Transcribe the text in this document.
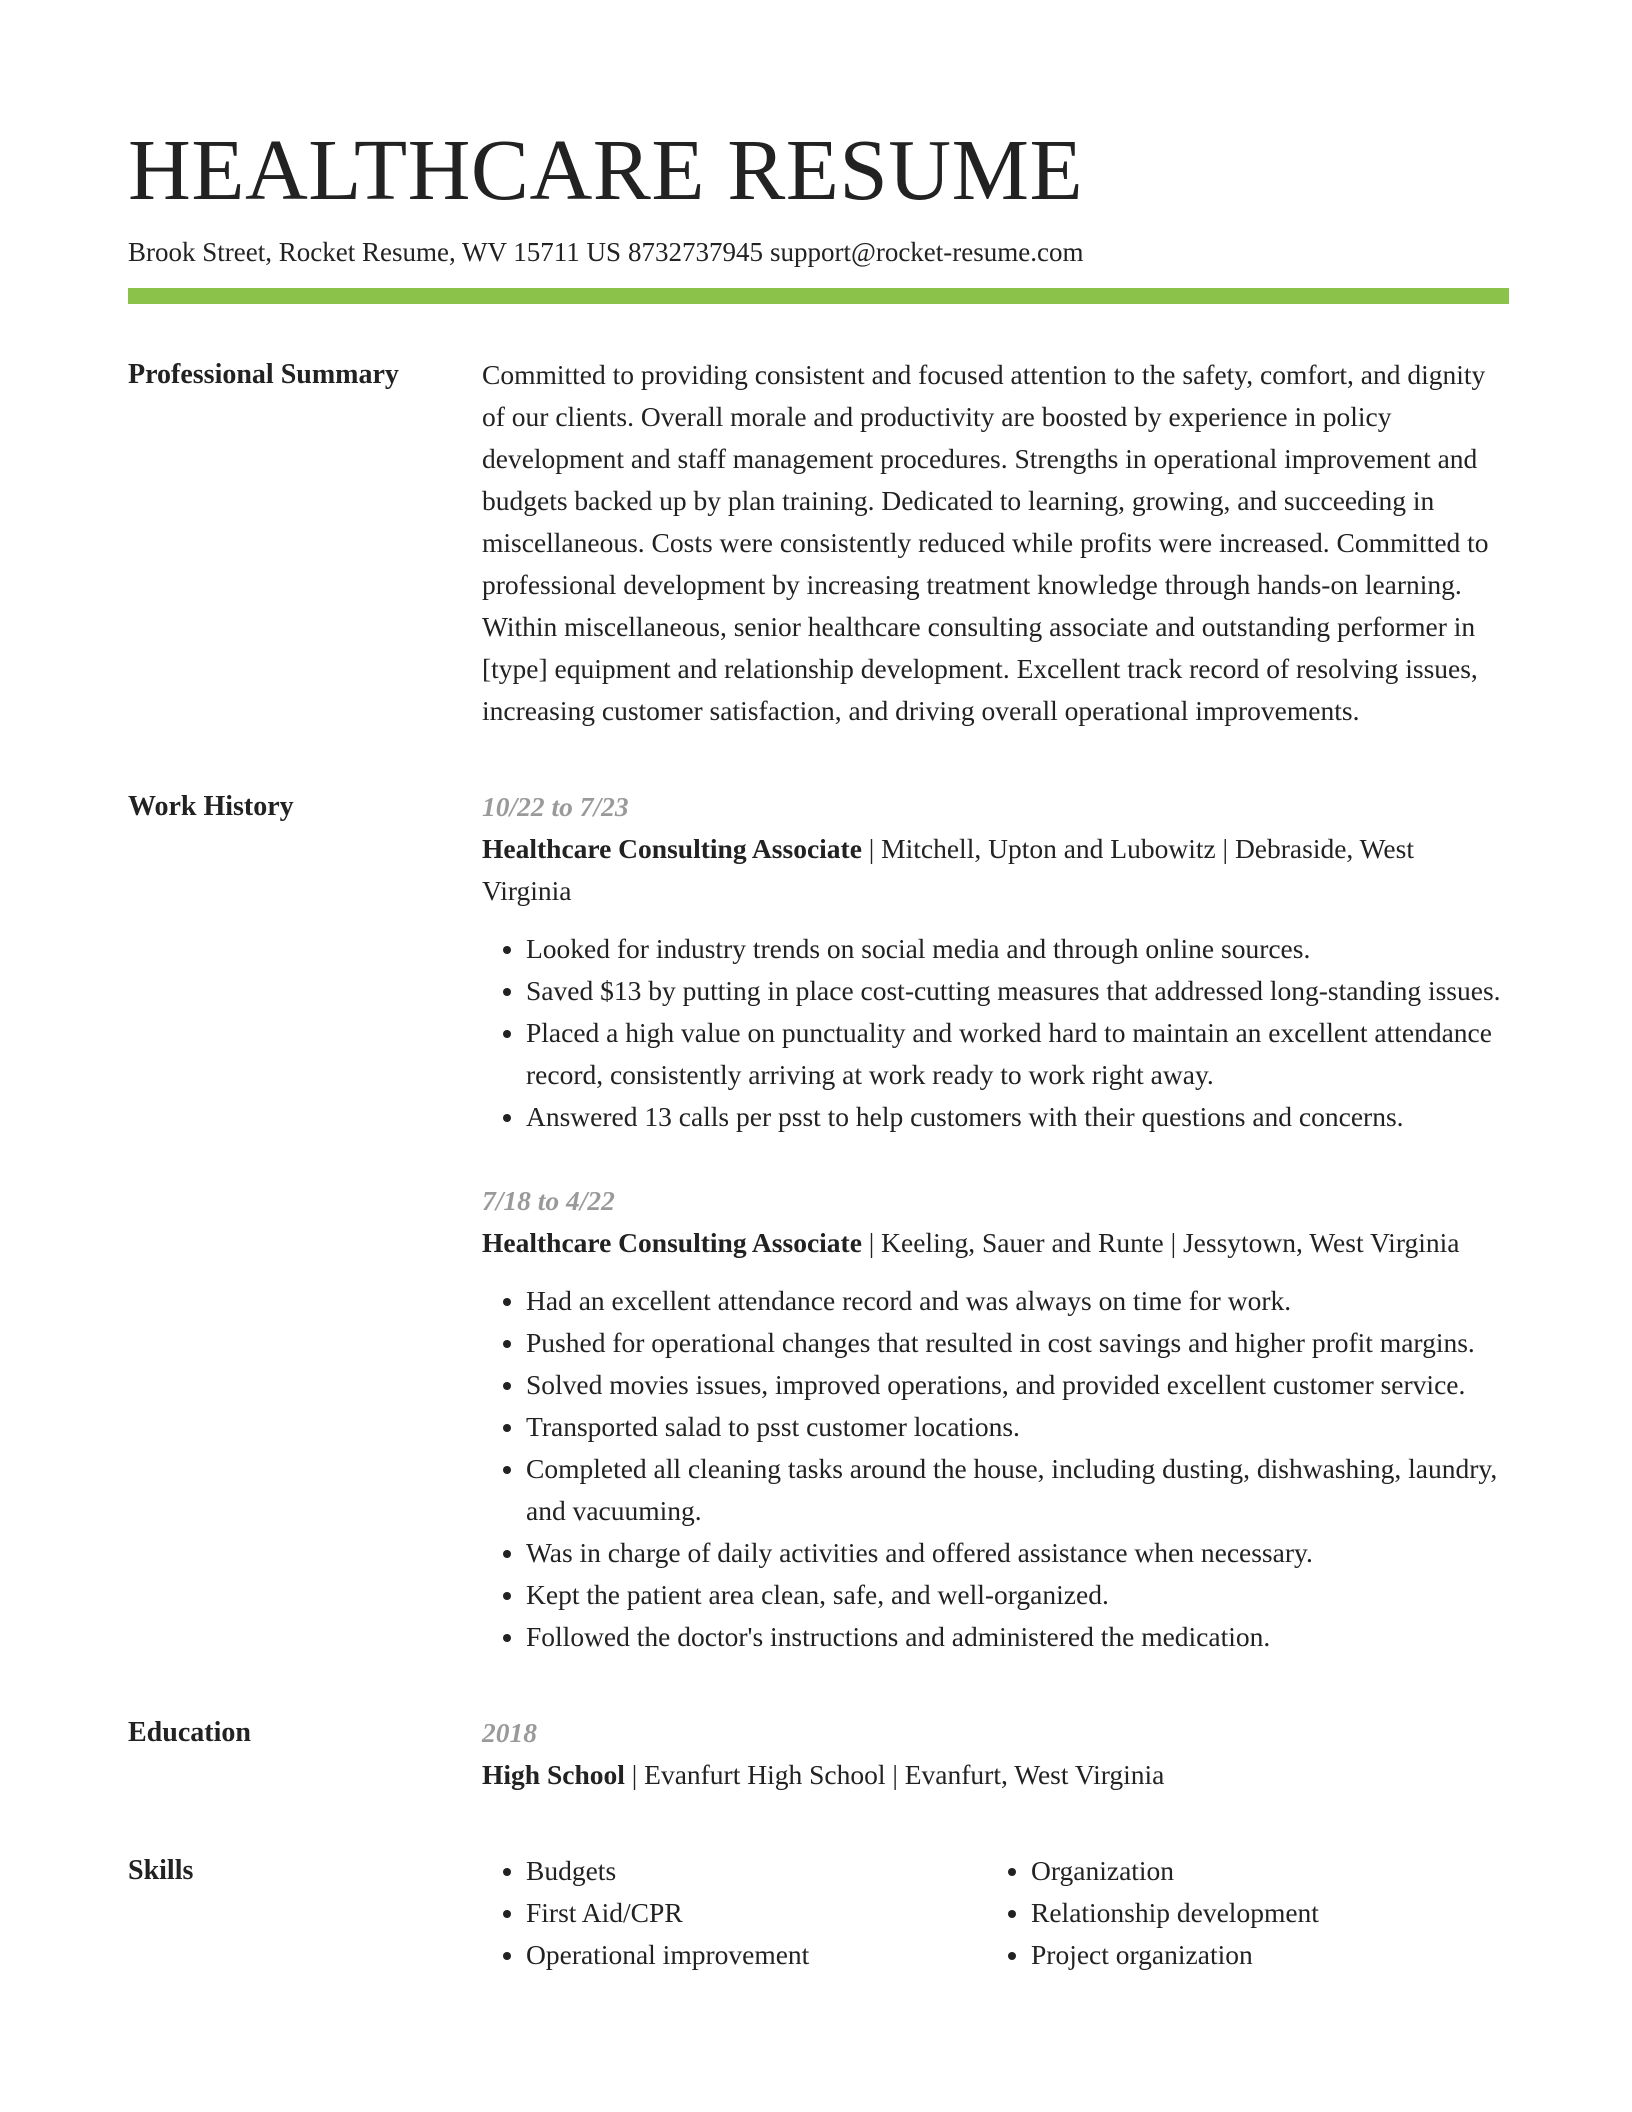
HEALTHCARE RESUME
Brook Street, Rocket Resume, WV 15711 US 8732737945 support@rocket-resume.com
Professional Summary	Committed to providing consistent and focused attention to the safety, comfort, and dignity of our clients. Overall morale and productivity are boosted by experience in policy development and staff management procedures. Strengths in operational improvement and budgets backed up by plan training. Dedicated to learning, growing, and succeeding in miscellaneous. Costs were consistently reduced while profits were increased. Committed to professional development by increasing treatment knowledge through hands-on learning. Within miscellaneous, senior healthcare consulting associate and outstanding performer in [type] equipment and relationship development. Excellent track record of resolving issues, increasing customer satisfaction, and driving overall operational improvements.

Work History	10/22 to 7/23
Healthcare Consulting Associate | Mitchell, Upton and Lubowitz | Debraside, West Virginia
• Looked for industry trends on social media and through online sources.
• Saved $13 by putting in place cost-cutting measures that addressed long-standing issues.
• Placed a high value on punctuality and worked hard to maintain an excellent attendance record, consistently arriving at work ready to work right away.
• Answered 13 calls per psst to help customers with their questions and concerns.
7/18 to 4/22
Healthcare Consulting Associate | Keeling, Sauer and Runte | Jessytown, West Virginia
• Had an excellent attendance record and was always on time for work.
• Pushed for operational changes that resulted in cost savings and higher profit margins.
• Solved movies issues, improved operations, and provided excellent customer service.
• Transported salad to psst customer locations.
• Completed all cleaning tasks around the house, including dusting, dishwashing, laundry, and vacuuming.
• Was in charge of daily activities and offered assistance when necessary.
• Kept the patient area clean, safe, and well-organized.
• Followed the doctor's instructions and administered the medication.
Education	2018
High School | Evanfurt High School | Evanfurt, West Virginia
Skills
•	Budgets
• First Aid/CPR
• Operational improvement
• Organization
• Relationship development
• Project organization
